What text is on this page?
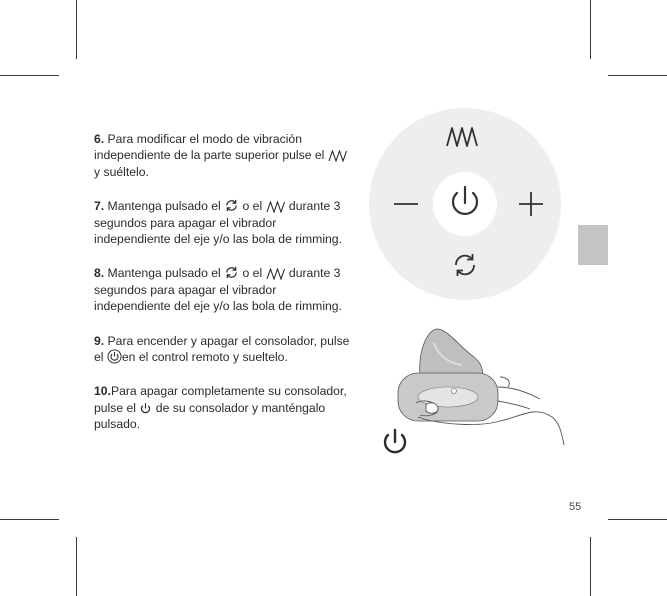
6. Para modificar el modo de vibración independiente de la parte superior pulse el  y suéltelo.

7. Mantenga pulsado el  o el  durante 3 segundos para apagar el vibrador independiente del eje y/o las bola de rimming.

8. Mantenga pulsado el  o el  durante 3 segundos para apagar el vibrador independiente del eje y/o las bola de rimming.

9. Para encender y apagar el consolador, pulse el en el control remoto y sueltelo.

10.Para apagar completamente su consolador, pulse el  de su consolador y manténgalo pulsado.

55
